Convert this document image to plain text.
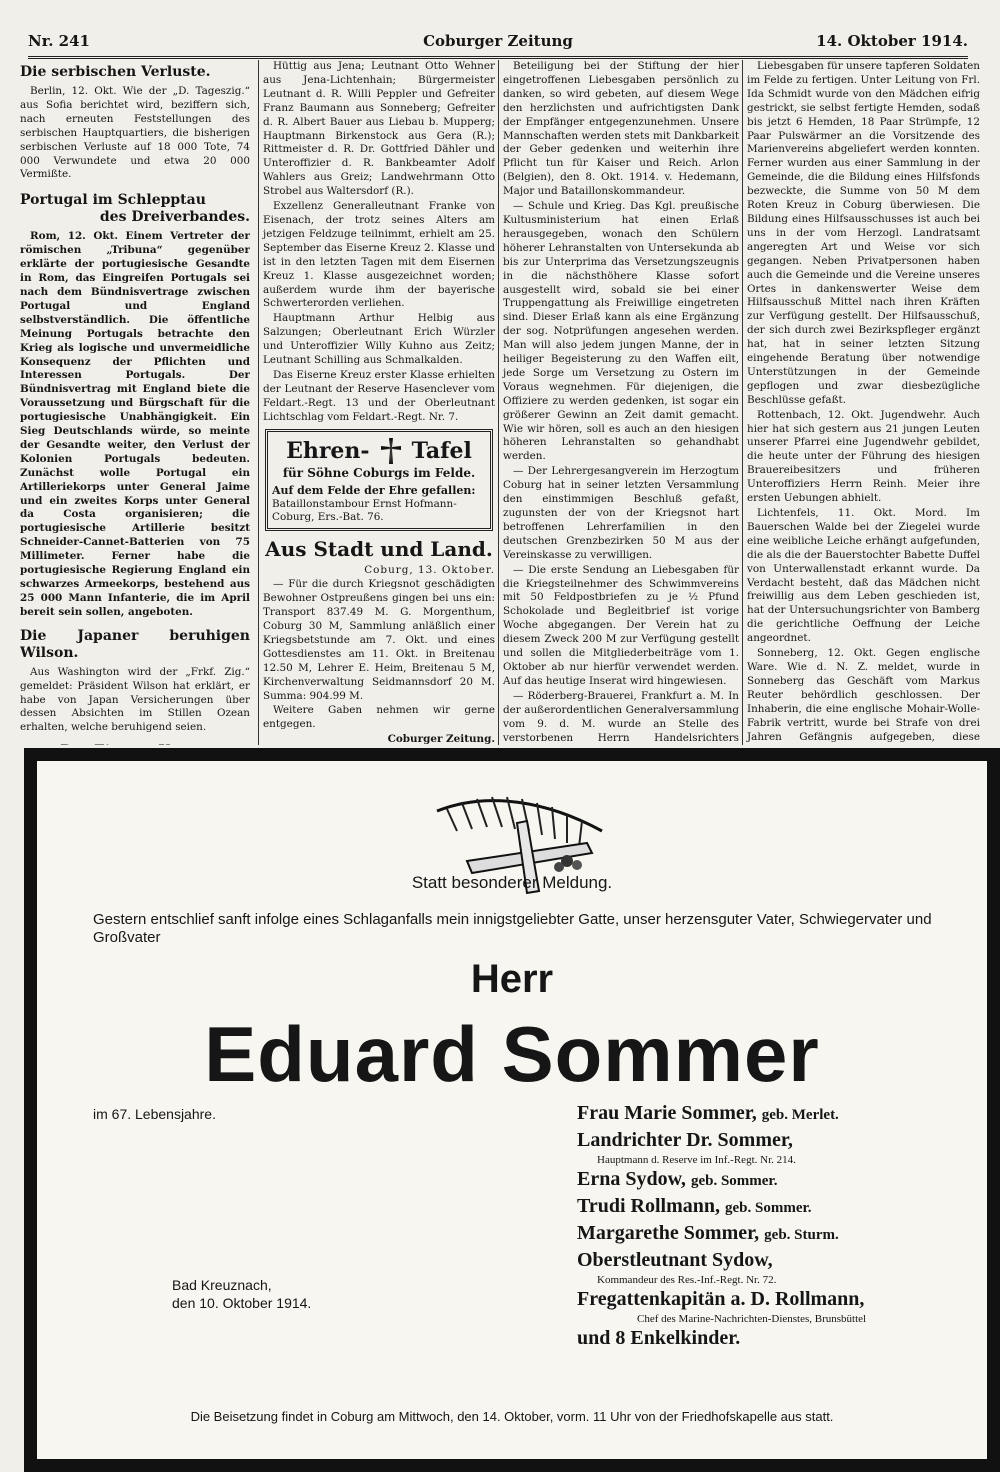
Nr. 241	Coburger Zeitung	14. Oktober 1914.
Die serbischen Verluste.

Berlin, 12. Okt. Wie der „D. Tageszig.“ aus Sofia berichtet wird, beziffern sich, nach erneuten Feststellungen des serbischen Hauptquartiers, die bisherigen serbischen Verluste auf 18 000 Tote, 74 000 Verwundete und etwa 20 000 Vermißte.

Portugal im Schlepptau
des Dreiverbandes.

Rom, 12. Okt. Einem Vertreter der römischen „Tribuna“ gegenüber erklärte der portugiesische Gesandte in Rom, das Eingreifen Portugals sei nach dem Bündnisvertrage zwischen Portugal und England selbstverständlich. Die öffentliche Meinung Portugals betrachte den Krieg als logische und unvermeidliche Konsequenz der Pflichten und Interessen Portugals. Der Bündnisvertrag mit England biete die Voraussetzung und Bürgschaft für die portugiesische Unabhängigkeit. Ein Sieg Deutschlands würde, so meinte der Gesandte weiter, den Verlust der Kolonien Portugals bedeuten. Zunächst wolle Portugal ein Artilleriekorps unter General Jaime und ein zweites Korps unter General da Costa organisieren; die portugiesische Artillerie besitzt Schneider-Cannet-Batterien von 75 Millimeter. Ferner habe die portugiesische Regierung England ein schwarzes Armeekorps, bestehend aus 25 000 Mann Infanterie, die im April bereit sein sollen, angeboten.

Die Japaner beruhigen Wilson.

Aus Washington wird der „Frkf. Zig.“ gemeldet: Präsident Wilson hat erklärt, er habe von Japan Versicherungen über dessen Absichten im Stillen Ozean erhalten, welche beruhigend seien.

Hüttig aus Jena; Leutnant Otto Wehner aus Jena-Lichtenhain; Bürgermeister Leutnant d. R. Willi Peppler und Gefreiter Franz Baumann aus Sonneberg; Gefreiter d. R. Albert Bauer aus Liebau b. Mupperg; Hauptmann Birkenstock aus Gera (R.); Rittmeister d. R. Dr. Gottfried Dähler und Unteroffizier d. R. Bankbeamter Adolf Wahlers aus Greiz; Landwehrmann Otto Strobel aus Waltersdorf (R.).

Exzellenz Generalleutnant Franke von Eisenach, der trotz seines Alters am jetzigen Feldzuge teilnimmt, erhielt am 25. September das Eiserne Kreuz 2. Klasse und ist in den letzten Tagen mit dem Eisernen Kreuz 1. Klasse ausgezeichnet worden; außerdem wurde ihm der bayerische Schwerterorden verliehen.

Hauptmann Arthur Helbig aus Salzungen; Oberleutnant Erich Würzler und Unteroffizier Willy Kuhno aus Zeitz; Leutnant Schilling aus Schmalkalden.

Das Eiserne Kreuz erster Klasse erhielten der Leutnant der Reserve Hasenclever vom Feldart.-Regt. 13 und der Oberleutnant Lichtschlag vom Feldart.-Regt. Nr. 7.

Ehren- Tafel
für Söhne Coburgs im Felde.
Auf dem Felde der Ehre gefallen:
Bataillonstambour Ernst Hofmann-Coburg, Ers.-Bat. 76.
Aus Stadt und Land.
Coburg, 13. Oktober.

— Für die durch Kriegsnot geschädigten Bewohner Ostpreußens gingen bei uns ein: Transport 837.49 M. G. Morgenthum, Coburg 30 M, Sammlung anläßlich einer Kriegsbetstunde am 7. Okt. und eines Gottesdienstes am 11. Okt. in Breitenau 12.50 M, Lehrer E. Heim, Breitenau 5 M, Kirchenverwaltung Seidmannsdorf 20 M. Summa: 904.99 M.

Weitere Gaben nehmen wir gerne entgegen.

Coburger Zeitung.

Beteiligung bei der Stiftung der hier eingetroffenen Liebesgaben persönlich zu danken, so wird gebeten, auf diesem Wege den herzlichsten und aufrichtigsten Dank der Empfänger entgegenzunehmen. Unsere Mannschaften werden stets mit Dankbarkeit der Geber gedenken und weiterhin ihre Pflicht tun für Kaiser und Reich. Arlon (Belgien), den 8. Okt. 1914. v. Hedemann, Major und Bataillonskommandeur.

— Schule und Krieg. Das Kgl. preußische Kultusministerium hat einen Erlaß herausgegeben, wonach den Schülern höherer Lehranstalten von Untersekunda ab bis zur Unterprima das Versetzungszeugnis in die nächsthöhere Klasse sofort ausgestellt wird, sobald sie bei einer Truppengattung als Freiwillige eingetreten sind. Dieser Erlaß kann als eine Ergänzung der sog. Notprüfungen angesehen werden. Man will also jedem jungen Manne, der in heiliger Begeisterung zu den Waffen eilt, jede Sorge um Versetzung zu Ostern im Voraus wegnehmen. Für diejenigen, die Offiziere zu werden gedenken, ist sogar ein größerer Gewinn an Zeit damit gemacht. Wie wir hören, soll es auch an den hiesigen höheren Lehranstalten so gehandhabt werden.

— Der Lehrergesangverein im Herzogtum Coburg hat in seiner letzten Versammlung den einstimmigen Beschluß gefaßt, zugunsten der von der Kriegsnot hart betroffenen Lehrerfamilien in den deutschen Grenzbezirken 50 M aus der Vereinskasse zu verwilligen.

— Die erste Sendung an Liebesgaben für die Kriegsteilnehmer des Schwimmvereins mit 50 Feldpostbriefen zu je ½ Pfund Schokolade und Begleitbrief ist vorige Woche abgegangen. Der Verein hat zu diesem Zweck 200 M zur Verfügung gestellt und sollen die Mitgliederbeiträge vom 1. Oktober ab nur hierfür verwendet werden. Auf das heutige Inserat wird hingewiesen.

— Röderberg-Brauerei, Frankfurt a. M. In der außerordentlichen Generalversammlung vom 9. d. M. wurde an Stelle des verstorbenen Herrn Handelsrichters

Liebesgaben für unsere tapferen Soldaten im Felde zu fertigen. Unter Leitung von Frl. Ida Schmidt wurde von den Mädchen eifrig gestrickt, sie selbst fertigte Hemden, sodaß bis jetzt 6 Hemden, 18 Paar Strümpfe, 12 Paar Pulswärmer an die Vorsitzende des Marienvereins abgeliefert werden konnten. Ferner wurden aus einer Sammlung in der Gemeinde, die die Bildung eines Hilfsfonds bezweckte, die Summe von 50 M dem Roten Kreuz in Coburg überwiesen. Die Bildung eines Hilfsausschusses ist auch bei uns in der vom Herzogl. Landratsamt angeregten Art und Weise vor sich gegangen. Neben Privatpersonen haben auch die Gemeinde und die Vereine unseres Ortes in dankenswerter Weise dem Hilfsausschuß Mittel nach ihren Kräften zur Verfügung gestellt. Der Hilfsausschuß, der sich durch zwei Bezirkspfleger ergänzt hat, hat in seiner letzten Sitzung eingehende Beratung über notwendige Unterstützungen in der Gemeinde gepflogen und zwar diesbezügliche Beschlüsse gefaßt.

Rottenbach, 12. Okt. Jugendwehr. Auch hier hat sich gestern aus 21 jungen Leuten unserer Pfarrei eine Jugendwehr gebildet, die heute unter der Führung des hiesigen Brauereibesitzers und früheren Unteroffiziers Herrn Reinh. Meier ihre ersten Uebungen abhielt.

Lichtenfels, 11. Okt. Mord. Im Bauerschen Walde bei der Ziegelei wurde eine weibliche Leiche erhängt aufgefunden, die als die der Bauerstochter Babette Duffel von Unterwallenstadt erkannt wurde. Da Verdacht besteht, daß das Mädchen nicht freiwillig aus dem Leben geschieden ist, hat der Untersuchungsrichter von Bamberg die gerichtliche Oeffnung der Leiche angeordnet.

Sonneberg, 12. Okt. Gegen englische Ware. Wie d. N. Z. meldet, wurde in Sonneberg das Geschäft vom Markus Reuter behördlich geschlossen. Der Inhaberin, die eine englische Mohair-Wolle-Fabrik vertritt, wurde bei Strafe von drei Jahren Gefängnis aufgegeben, diese

Statt besonderer Meldung.
Gestern entschlief sanft infolge eines Schlaganfalls mein innigstgeliebter Gatte, unser herzensguter Vater, Schwiegervater und Großvater
Herr
Eduard Sommer
im 67. Lebensjahre.
Bad Kreuznach,
den 10. Oktober 1914.
Frau Marie Sommer, geb. Merlet.
Landrichter Dr. Sommer,
Hauptmann d. Reserve im Inf.-Regt. Nr. 214.
Erna Sydow, geb. Sommer.
Trudi Rollmann, geb. Sommer.
Margarethe Sommer, geb. Sturm.
Oberstleutnant Sydow,
Kommandeur des Res.-Inf.-Regt. Nr. 72.
Fregattenkapitän a. D. Rollmann,
Chef des Marine-Nachrichten-Dienstes, Brunsbüttel
und 8 Enkelkinder.
Die Beisetzung findet in Coburg am Mittwoch, den 14. Oktober, vorm. 11 Uhr von der Friedhofskapelle aus statt.
